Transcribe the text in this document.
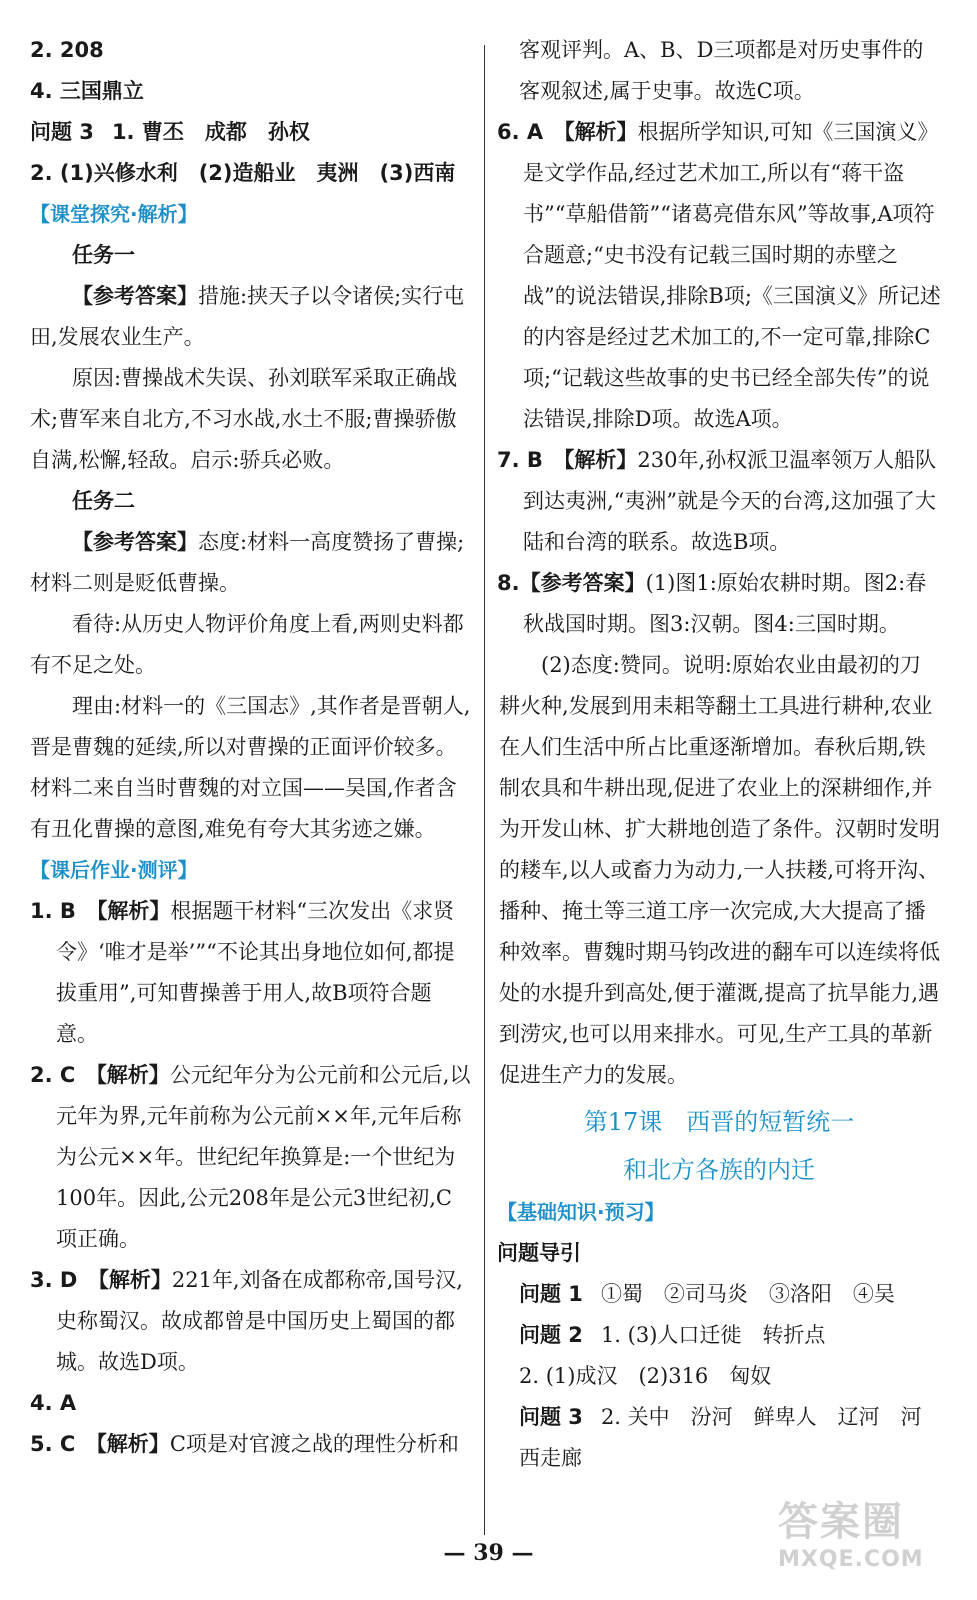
2. 208

4. 三国鼎立

问题 3 1. 曹丕　成都　孙权

2. (1)兴修水利　(2)造船业　夷洲　(3)西南

【课堂探究·解析】

任务一

【参考答案】措施:挟天子以令诸侯;实行屯田,发展农业生产。

原因:曹操战术失误、孙刘联军采取正确战术;曹军来自北方,不习水战,水土不服;曹操骄傲自满,松懈,轻敌。启示:骄兵必败。

任务二

【参考答案】态度:材料一高度赞扬了曹操;材料二则是贬低曹操。

看待:从历史人物评价角度上看,两则史料都有不足之处。

理由:材料一的《三国志》,其作者是晋朝人,晋是曹魏的延续,所以对曹操的正面评价较多。材料二来自当时曹魏的对立国——吴国,作者含有丑化曹操的意图,难免有夸大其劣迹之嫌。

【课后作业·测评】

1. B　 【解析】根据题干材料“三次发出《求贤令》‘唯才是举’”“不论其出身地位如何,都提拔重用”,可知曹操善于用人,故B项符合题意。

2. C　 【解析】公元纪年分为公元前和公元后,以元年为界,元年前称为公元前××年,元年后称为公元××年。世纪纪年换算是:一个世纪为100年。因此,公元208年是公元3世纪初,C项正确。

3. D　 【解析】221年,刘备在成都称帝,国号汉,史称蜀汉。故成都曾是中国历史上蜀国的都城。故选D项。

4. A

5. C　 【解析】C项是对官渡之战的理性分析和

客观评判。A、B、D三项都是对历史事件的客观叙述,属于史事。故选C项。

6. A　 【解析】根据所学知识,可知《三国演义》是文学作品,经过艺术加工,所以有“蒋干盗书”“草船借箭”“诸葛亮借东风”等故事,A项符合题意;“史书没有记载三国时期的赤壁之战”的说法错误,排除B项;《三国演义》所记述的内容是经过艺术加工的,不一定可靠,排除C项;“记载这些故事的史书已经全部失传”的说法错误,排除D项。故选A项。

7. B　 【解析】230年,孙权派卫温率领万人船队到达夷洲,“夷洲”就是今天的台湾,这加强了大陆和台湾的联系。故选B项。

8.【参考答案】(1)图1:原始农耕时期。图2:春秋战国时期。图3:汉朝。图4:三国时期。

(2)态度:赞同。说明:原始农业由最初的刀耕火种,发展到用耒耜等翻土工具进行耕种,农业在人们生活中所占比重逐渐增加。春秋后期,铁制农具和牛耕出现,促进了农业上的深耕细作,并为开发山林、扩大耕地创造了条件。汉朝时发明的耧车,以人或畜力为动力,一人扶耧,可将开沟、播种、掩土等三道工序一次完成,大大提高了播种效率。曹魏时期马钧改进的翻车可以连续将低处的水提升到高处,便于灌溉,提高了抗旱能力,遇到涝灾,也可以用来排水。可见,生产工具的革新促进生产力的发展。

第17课　西晋的短暂统一

和北方各族的内迁

【基础知识·预习】

问题导引

问题 1 ①蜀　②司马炎　③洛阳　④吴

问题 2 1. (3)人口迁徙　转折点

2. (1)成汉　(2)316　匈奴

问题 3 2. 关中　汾河　鲜卑人　辽河　河西走廊

— 39 —
答案圈
MXQE.COM
